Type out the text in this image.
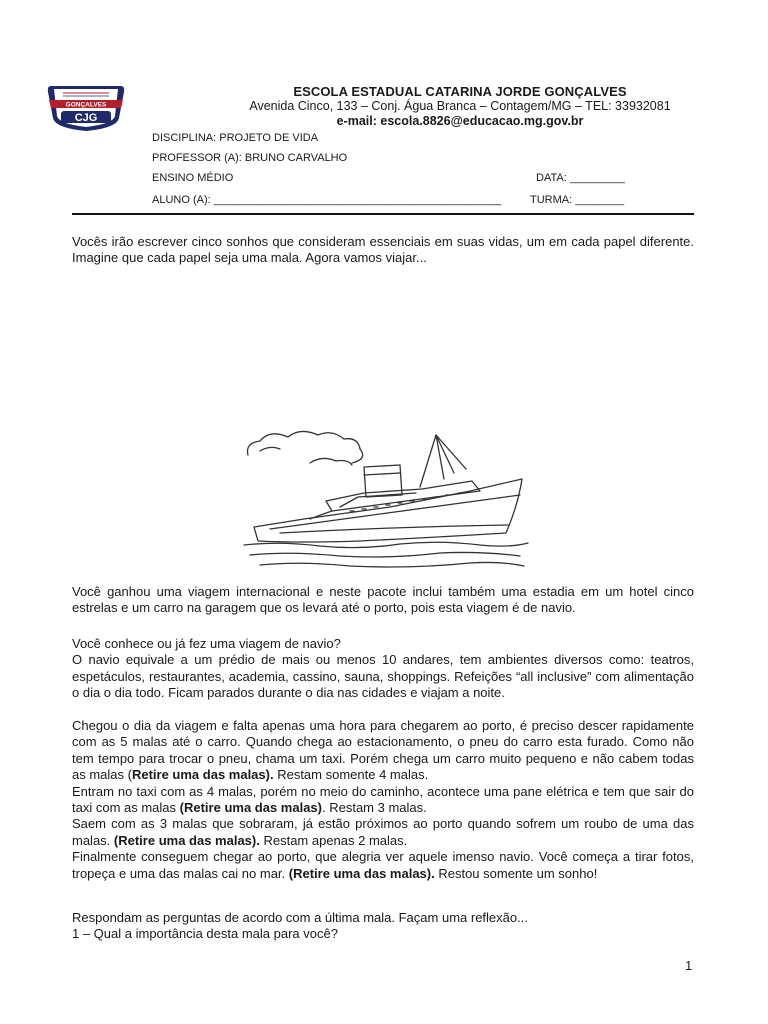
GONÇALVES
CJG
ESCOLA ESTADUAL CATARINA JORDE GONÇALVES
Avenida Cinco, 133 – Conj. Água Branca – Contagem/MG – TEL: 33932081
e-mail: escola.8826@educacao.mg.gov.br
DISCIPLINA: PROJETO DE VIDA
PROFESSOR (A): BRUNO CARVALHO
ENSINO MÉDIO	DATA: _________
ALUNO (A): _______________________________________________	TURMA: ________

Vocês irão escrever cinco sonhos que consideram essenciais em suas vidas, um em cada papel diferente. Imagine que cada papel seja uma mala. Agora vamos viajar...

Você ganhou uma viagem internacional e neste pacote inclui também uma estadia em um hotel cinco estrelas e um carro na garagem que os levará até o porto, pois esta viagem é de navio.

Você conhece ou já fez uma viagem de navio?
O navio equivale a um prédio de mais ou menos 10 andares, tem ambientes diversos como: teatros, espetáculos, restaurantes, academia, cassino, sauna, shoppings. Refeições “all inclusive” com alimentação o dia o dia todo. Ficam parados durante o dia nas cidades e viajam a noite.
Chegou o dia da viagem e falta apenas uma hora para chegarem ao porto, é preciso descer rapidamente com as 5 malas até o carro. Quando chega ao estacionamento, o pneu do carro esta furado. Como não tem tempo para trocar o pneu, chama um taxi. Porém chega um carro muito pequeno e não cabem todas as malas (Retire uma das malas). Restam somente 4 malas.
Entram no taxi com as 4 malas, porém no meio do caminho, acontece uma pane elétrica e tem que sair do taxi com as malas (Retire uma das malas). Restam 3 malas.
Saem com as 3 malas que sobraram, já estão próximos ao porto quando sofrem um roubo de uma das malas. (Retire uma das malas). Restam apenas 2 malas.
Finalmente conseguem chegar ao porto, que alegria ver aquele imenso navio. Você começa a tirar fotos, tropeça e uma das malas cai no mar. (Retire uma das malas). Restou somente um sonho!
Respondam as perguntas de acordo com a última mala. Façam uma reflexão...
1 – Qual a importância desta mala para você?
1
